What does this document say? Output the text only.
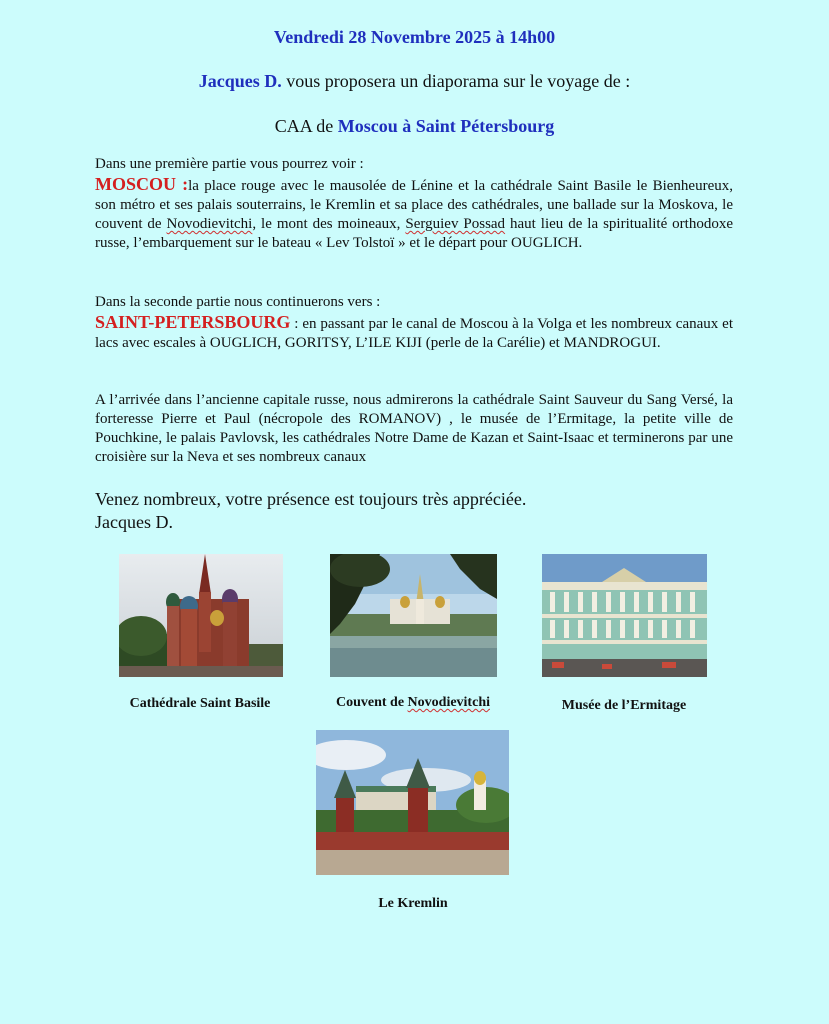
Vendredi 28 Novembre 2025 à 14h00
Jacques D. vous proposera un diaporama sur le voyage de :
CAA de Moscou à Saint Pétersbourg
Dans une première partie vous pourrez voir :
MOSCOU :la place rouge avec le mausolée de Lénine et la cathédrale Saint Basile le Bienheureux, son métro et ses palais souterrains, le Kremlin et sa place des cathédrales, une ballade sur la Moskova, le couvent de Novodievitchi, le mont des moineaux, Serguiev Possad haut lieu de la spiritualité orthodoxe russe, l’embarquement sur le bateau « Lev Tolstoï » et le départ pour OUGLICH.
Dans la seconde partie nous continuerons vers :
SAINT-PETERSBOURG : en passant par le canal de Moscou à la Volga et les nombreux canaux et lacs avec escales à OUGLICH, GORITSY, L’ILE KIJI (perle de la Carélie) et MANDROGUI.
A l’arrivée dans l’ancienne capitale russe, nous admirerons la cathédrale Saint Sauveur du Sang Versé, la forteresse Pierre et Paul (nécropole des ROMANOV) , le musée de l’Ermitage, la petite ville de Pouchkine, le palais Pavlovsk, les cathédrales Notre Dame de Kazan et Saint-Isaac et terminerons par une croisière sur la Neva et ses nombreux canaux
Venez nombreux, votre présence est toujours très appréciée.
Jacques D.
Cathédrale Saint Basile	Couvent de Novodievitchi	Musée de l’Ermitage
Le Kremlin
